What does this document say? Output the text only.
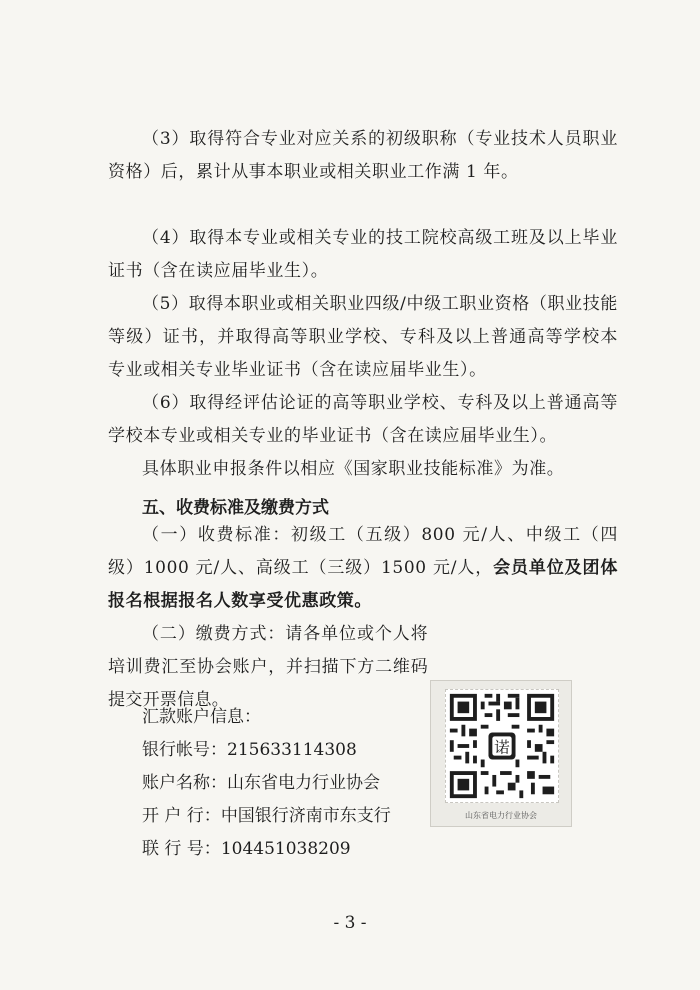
（3）取得符合专业对应关系的初级职称（专业技术人员职业资格）后，累计从事本职业或相关职业工作满 1 年。

（4）取得本专业或相关专业的技工院校高级工班及以上毕业证书（含在读应届毕业生）。

（5）取得本职业或相关职业四级/中级工职业资格（职业技能等级）证书，并取得高等职业学校、专科及以上普通高等学校本专业或相关专业毕业证书（含在读应届毕业生）。

（6）取得经评估论证的高等职业学校、专科及以上普通高等学校本专业或相关专业的毕业证书（含在读应届毕业生）。

具体职业申报条件以相应《国家职业技能标准》为准。

五、收费标准及缴费方式

（一）收费标准：初级工（五级）800 元/人、中级工（四级）1000 元/人、高级工（三级）1500 元/人，会员单位及团体报名根据报名人数享受优惠政策。

（二）缴费方式：请各单位或个人将培训费汇至协会账户，并扫描下方二维码提交开票信息。

汇款账户信息：
银行帐号：215633114308
账户名称：山东省电力行业协会
开 户 行：中国银行济南市东支行
联 行 号：104451038209
诺
山东省电力行业协会
- 3 -
